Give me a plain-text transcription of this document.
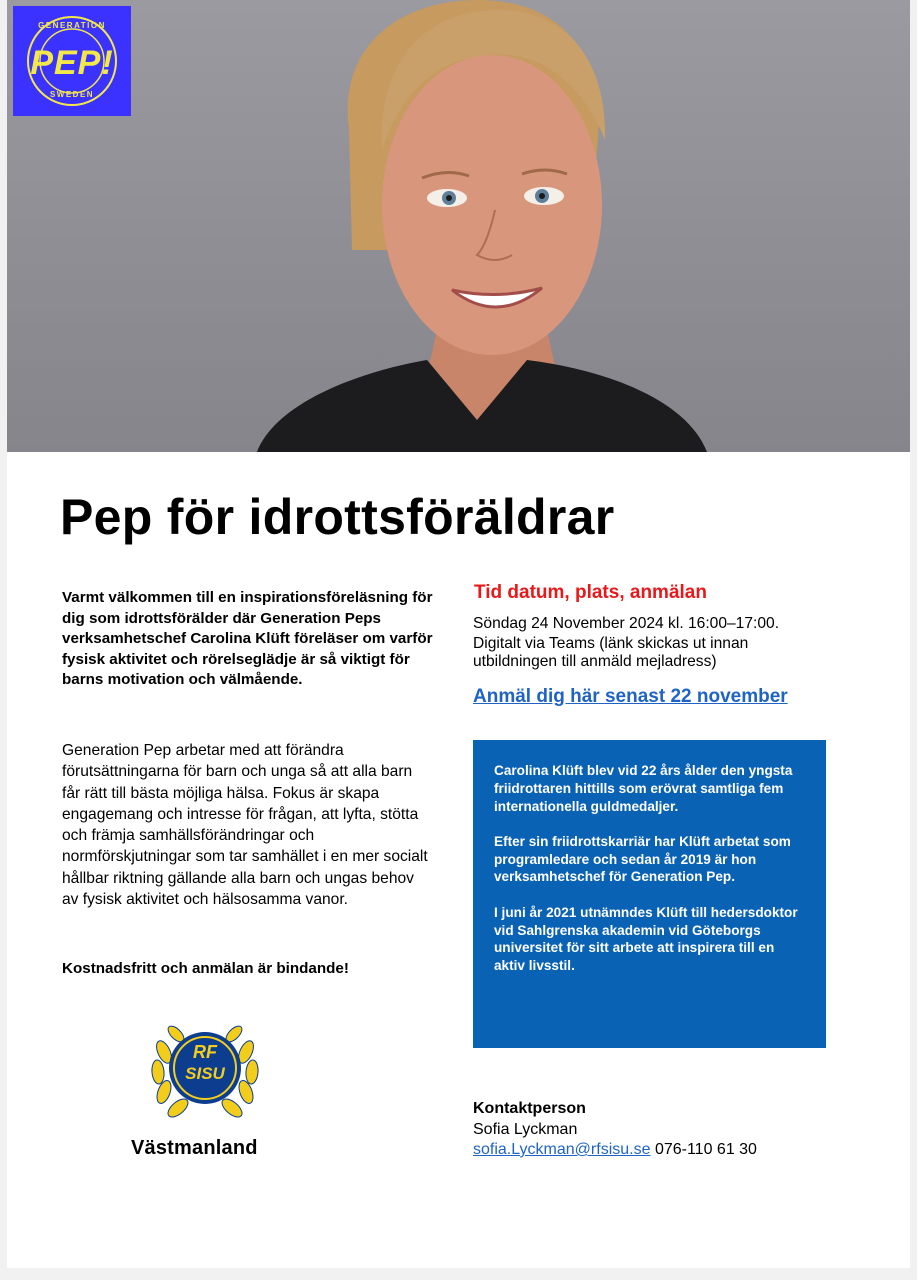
GENERATION
PEP!
SWEDEN
Pep för idrottsföräldrar

Varmt välkommen till en inspirationsföreläsning för dig som idrottsförälder där Generation Peps verksamhetschef Carolina Klüft föreläser om varför fysisk aktivitet och rörelseglädje är så viktigt för barns motivation och välmående.

Generation Pep arbetar med att förändra förutsättningarna för barn och unga så att alla barn får rätt till bästa möjliga hälsa. Fokus är skapa engagemang och intresse för frågan, att lyfta, stötta och främja samhällsförändringar och normförskjutningar som tar samhället i en mer socialt hållbar riktning gällande alla barn och ungas behov av fysisk aktivitet och hälsosamma vanor.

Kostnadsfritt och anmälan är bindande!

RF
SISU
Västmanland
Tid datum, plats, anmälan

Söndag 24 November 2024 kl. 16:00–17:00.

Digitalt via Teams (länk skickas ut innan

utbildningen till anmäld mejladress)

Anmäl dig här senast 22 november

Carolina Klüft blev vid 22 års ålder den yngsta friidrottaren hittills som erövrat samtliga fem internationella guldmedaljer.

Efter sin friidrottskarriär har Klüft arbetat som programledare och sedan år 2019 är hon verksamhetschef för Generation Pep.

I juni år 2021 utnämndes Klüft till hedersdoktor vid Sahlgrenska akademin vid Göteborgs universitet för sitt arbete att inspirera till en aktiv livsstil.

Kontaktperson

Sofia Lyckman

sofia.Lyckman@rfsisu.se 076-110 61 30
